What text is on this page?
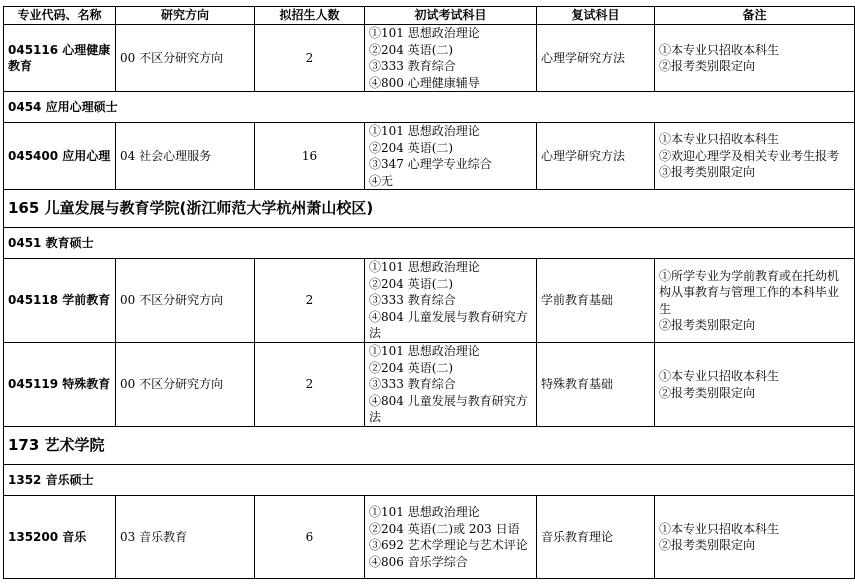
专业代码、名称	研究方向	拟招生人数	初试考试科目	复试科目	备注

045116 心理健康教育	00 不区分研究方向	2	①101 思想政治理论
②204 英语(二)
③333 教育综合
④800 心理健康辅导	心理学研究方法	①本专业只招收本科生
②报考类别限定向

0454 应用心理硕士					

045400 应用心理	04 社会心理服务	16	①101 思想政治理论
②204 英语(二)
③347 心理学专业综合
④无	心理学研究方法	①本专业只招收本科生
②欢迎心理学及相关专业考生报考
③报考类别限定向

165 儿童发展与教育学院(浙江师范大学杭州萧山校区)					
0451 教育硕士					

045118 学前教育	00 不区分研究方向	2	①101 思想政治理论
②204 英语(二)
③333 教育综合
④804 儿童发展与教育研究方法	学前教育基础	①所学专业为学前教育或在托幼机构从事教育与管理工作的本科毕业生
②报考类别限定向

045119 特殊教育	00 不区分研究方向	2	①101 思想政治理论
②204 英语(二)
③333 教育综合
④804 儿童发展与教育研究方法	特殊教育基础	①本专业只招收本科生
②报考类别限定向

173 艺术学院					
1352 音乐硕士					

135200 音乐	03 音乐教育	6	①101 思想政治理论
②204 英语(二)或 203 日语
③692 艺术学理论与艺术评论
④806 音乐学综合	音乐教育理论	①本专业只招收本科生
②报考类别限定向
